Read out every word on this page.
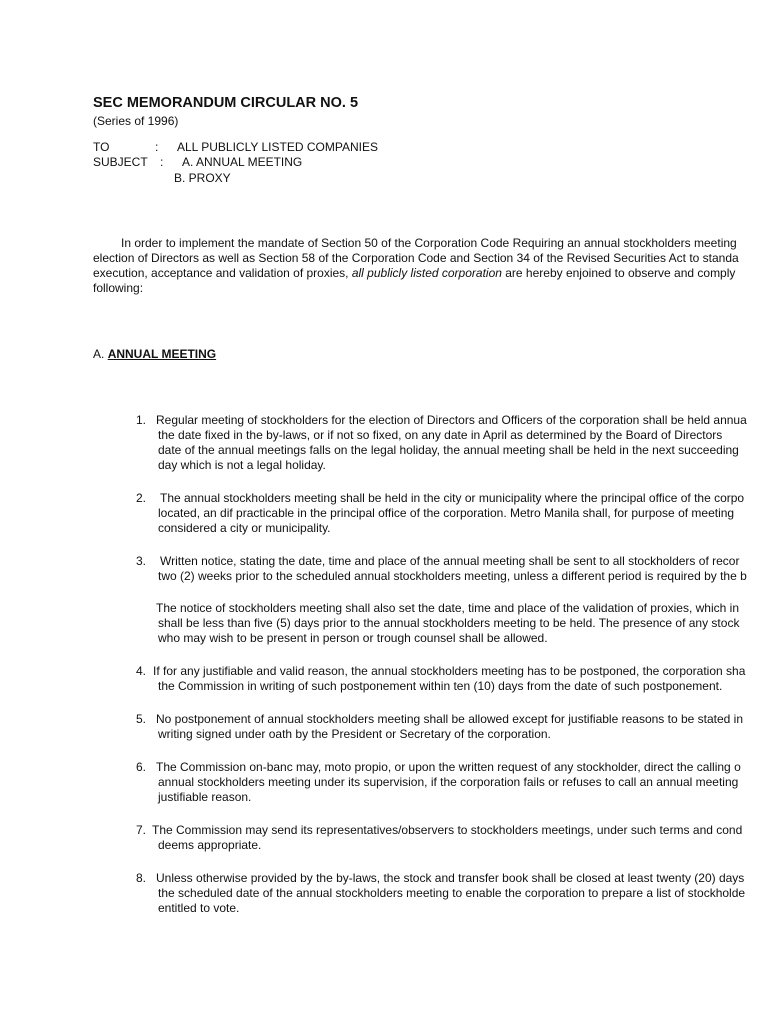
SEC MEMORANDUM CIRCULAR NO. 5
(Series of 1996)
TO	: ALL PUBLICLY LISTED COMPANIES
SUBJECT : A. ANNUAL MEETING
B. PROXY
In order to implement the mandate of Section 50 of the Corporation Code Requiring an annual stockholders meeting
election of Directors as well as Section 58 of the Corporation Code and Section 34 of the Revised Securities Act to standa
execution, acceptance and validation of proxies, all publicly listed corporation are hereby enjoined to observe and comply
following:
A. ANNUAL MEETING
1. Regular meeting of stockholders for the election of Directors and Officers of the corporation shall be held annua
the date fixed in the by-laws, or if not so fixed, on any date in April as determined by the Board of Directors
date of the annual meetings falls on the legal holiday, the annual meeting shall be held in the next succeeding
day which is not a legal holiday.
2. The annual stockholders meeting shall be held in the city or municipality where the principal office of the corpo
located, an dif practicable in the principal office of the corporation. Metro Manila shall, for purpose of meeting
considered a city or municipality.
3. Written notice, stating the date, time and place of the annual meeting shall be sent to all stockholders of recor
two (2) weeks prior to the scheduled annual stockholders meeting, unless a different period is required by the b
The notice of stockholders meeting shall also set the date, time and place of the validation of proxies, which in
shall be less than five (5) days prior to the annual stockholders meeting to be held. The presence of any stock
who may wish to be present in person or trough counsel shall be allowed.
4. If for any justifiable and valid reason, the annual stockholders meeting has to be postponed, the corporation sha
the Commission in writing of such postponement within ten (10) days from the date of such postponement.
5. No postponement of annual stockholders meeting shall be allowed except for justifiable reasons to be stated in
writing signed under oath by the President or Secretary of the corporation.
6. The Commission on-banc may, moto propio, or upon the written request of any stockholder, direct the calling o
annual stockholders meeting under its supervision, if the corporation fails or refuses to call an annual meeting
justifiable reason.
7. The Commission may send its representatives/observers to stockholders meetings, under such terms and cond
deems appropriate.
8. Unless otherwise provided by the by-laws, the stock and transfer book shall be closed at least twenty (20) days
the scheduled date of the annual stockholders meeting to enable the corporation to prepare a list of stockholde
entitled to vote.
